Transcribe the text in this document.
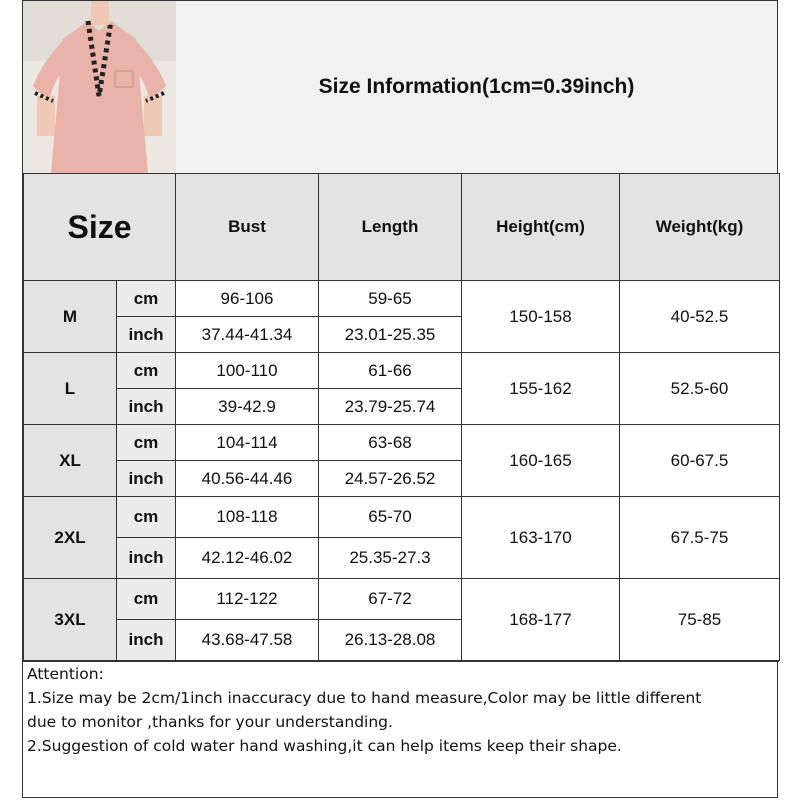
Size Information(1cm=0.39inch)
Size		Bust	Length	Height(cm)	Weight(kg)
M	cm	96-106	59-65	150-158	40-52.5
	inch	37.44-41.34	23.01-25.35		
L	cm	100-110	61-66	155-162	52.5-60
	inch	39-42.9	23.79-25.74		
XL	cm	104-114	63-68	160-165	60-67.5
	inch	40.56-44.46	24.57-26.52		
2XL	cm	108-118	65-70	163-170	67.5-75
	inch	42.12-46.02	25.35-27.3		
3XL	cm	112-122	67-72	168-177	75-85
	inch	43.68-47.58	26.13-28.08		

Attention:

1.Size may be 2cm/1inch inaccuracy due to hand measure,Color may be little different

due to monitor ,thanks for your understanding.

2.Suggestion of cold water hand washing,it can help items keep their shape.
